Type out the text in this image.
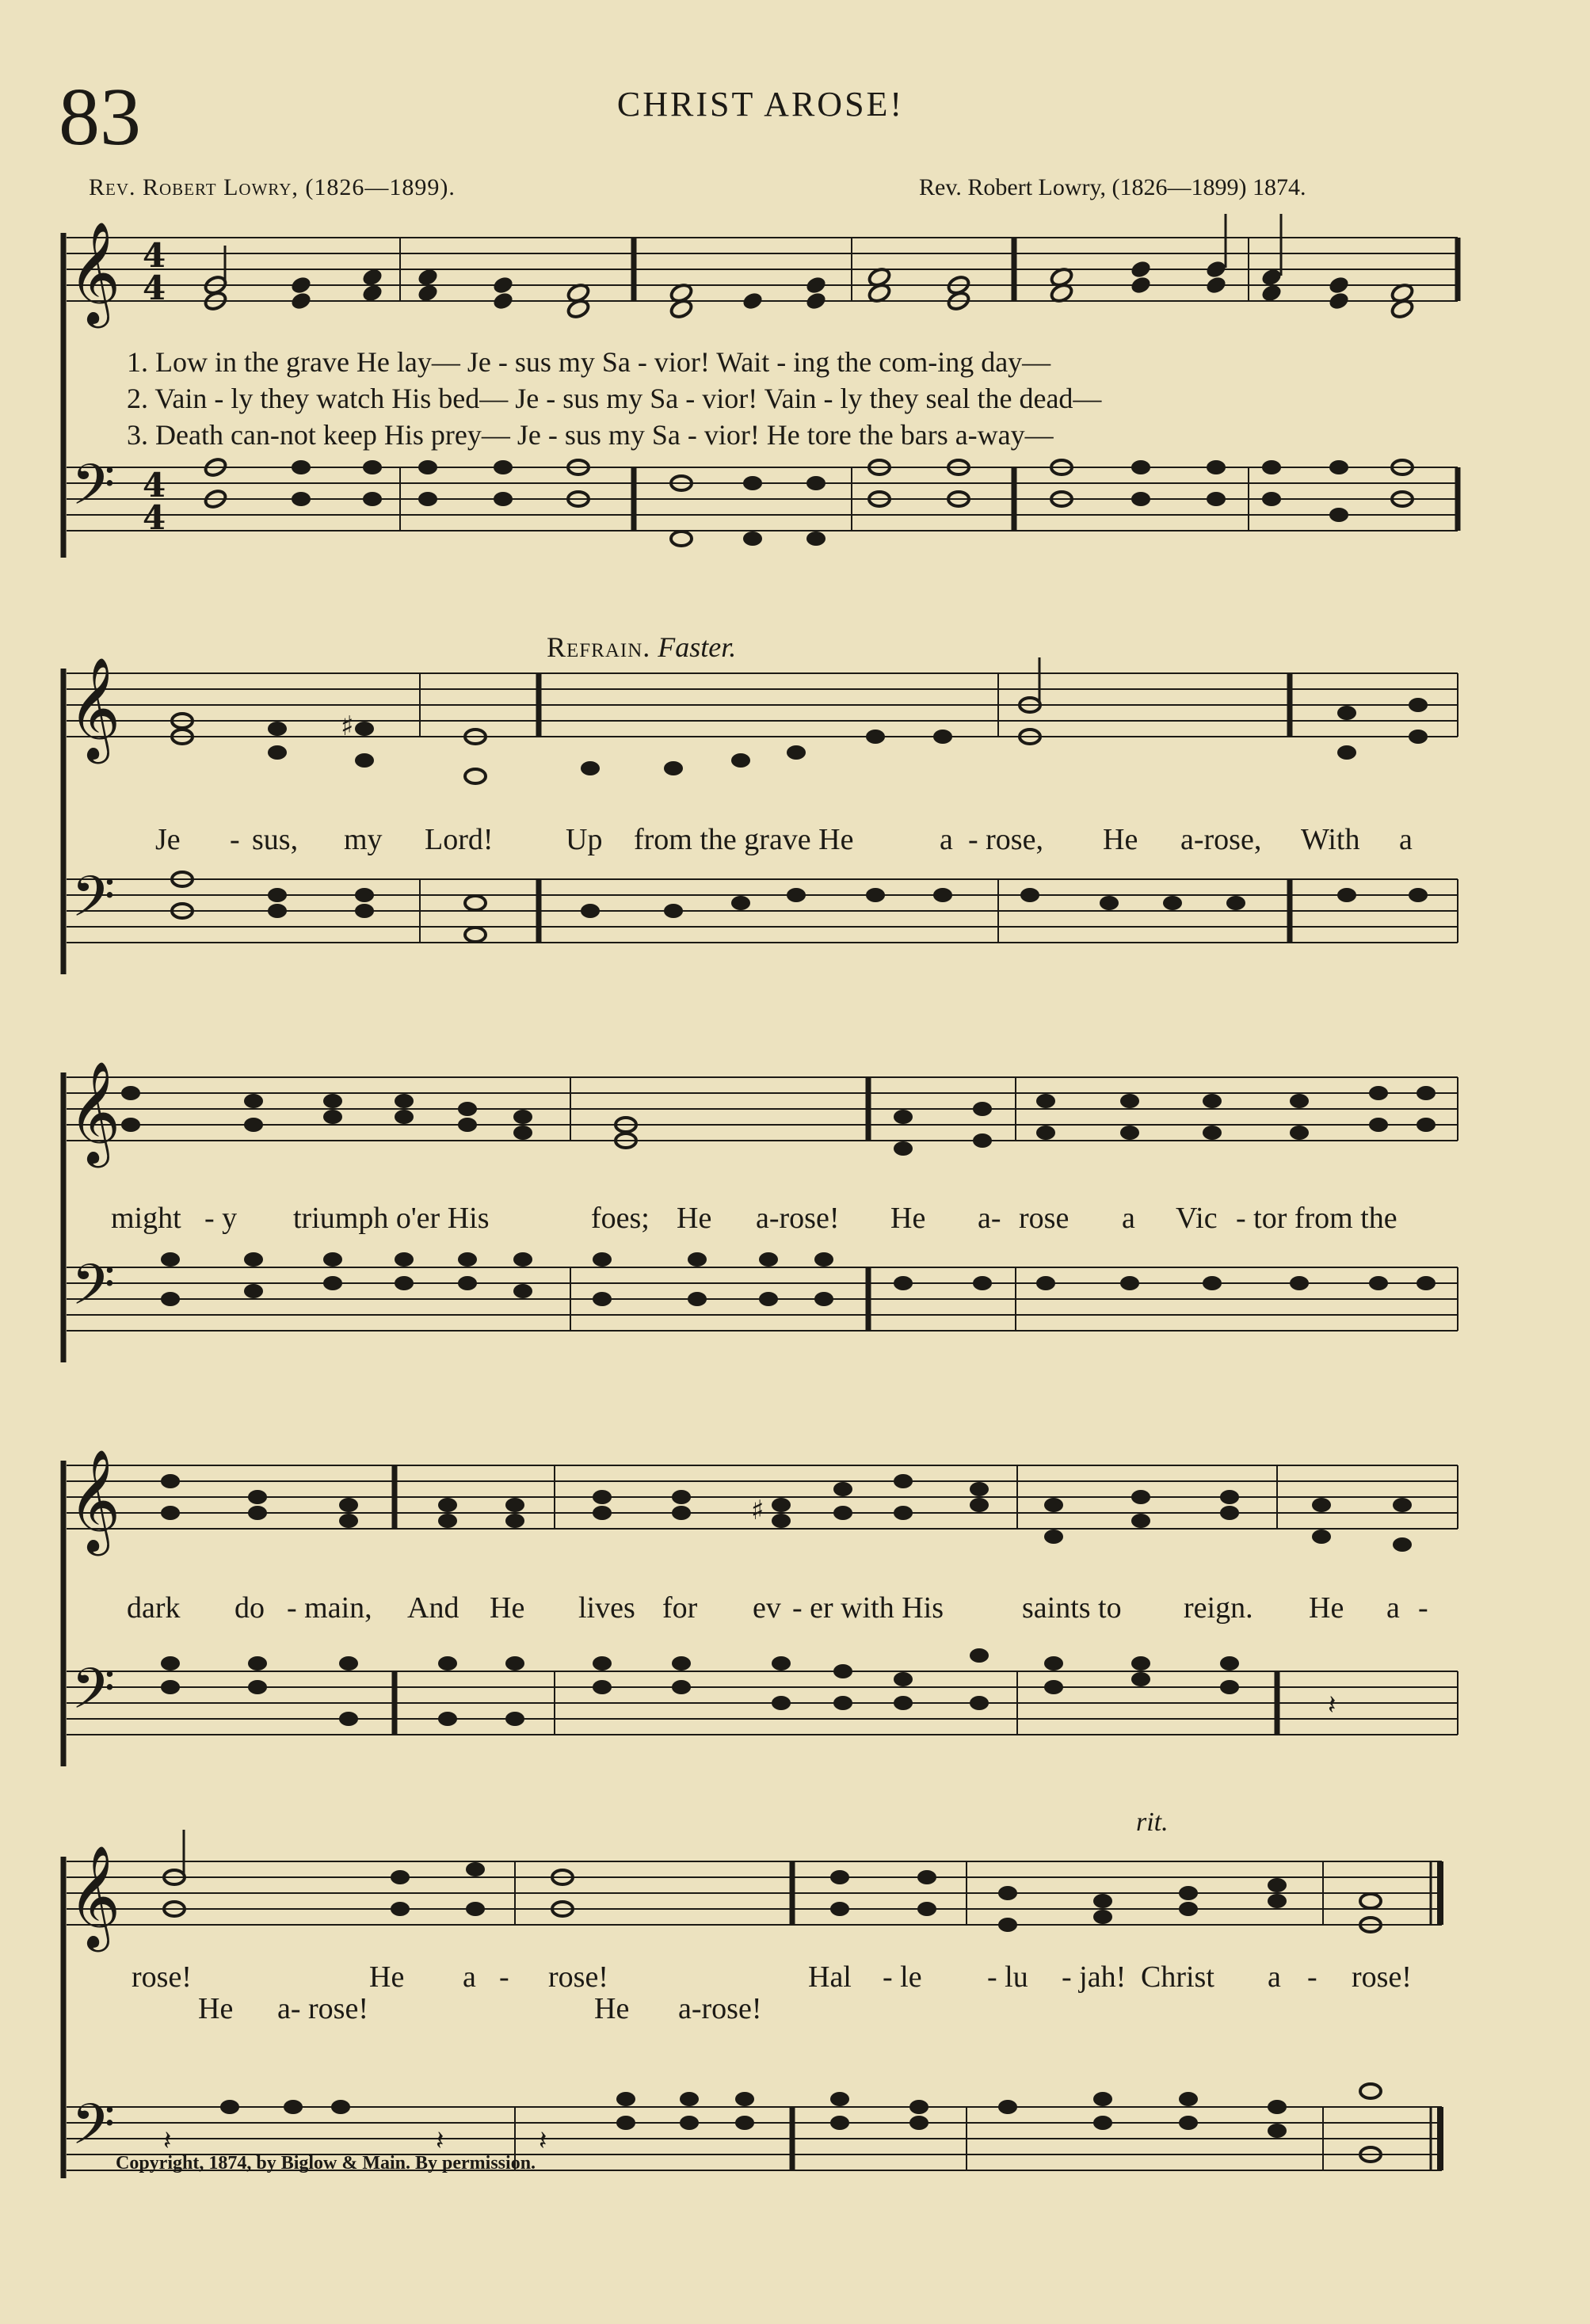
83	CHRIST AROSE!
Rev. Robert Lowry, (1826—1899).	Rev. Robert Lowry, (1826—1899) 1874.
𝄞 4
4
𝄢 4
4
1. Low in the grave He lay— Je - sus my Sa - vior! Wait - ing the com-ing day—
2. Vain - ly they watch His bed— Je - sus my Sa - vior! Vain - ly they seal the dead—
3. Death can-not keep His prey— Je - sus my Sa - vior! He tore the bars a-way—
Refrain. Faster.
𝄞	♯
𝄢
Je - sus, my Lord! Up from the grave He	a - rose, He a-rose, With a
𝄞
𝄢
might - y triumph o'er His	foes; He a-rose! He a- rose a Vic - tor from the
𝄞	♯
𝄢	𝄽
dark do - main, And He lives for ev - er with His	saints to reign. He a -
rit.
𝄞
𝄢 𝄽	𝄽	𝄽
rose!	He a - rose!	Hal - le - lu - jah! Christ a - rose!
He a- rose!	He a-rose!
Copyright, 1874, by Biglow & Main. By permission.
